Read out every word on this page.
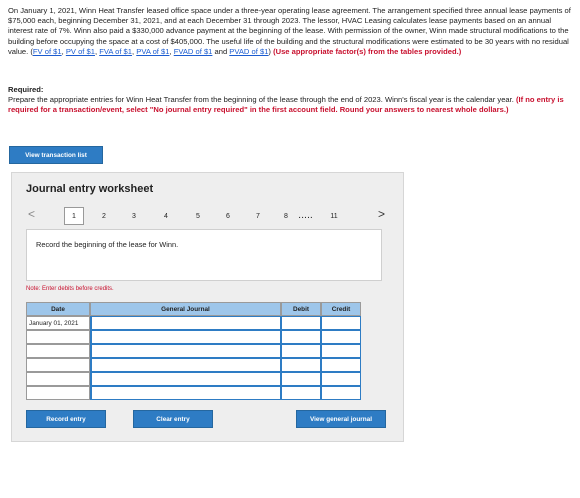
On January 1, 2021, Winn Heat Transfer leased office space under a three-year operating lease agreement. The arrangement specified three annual lease payments of $75,000 each, beginning December 31, 2021, and at each December 31 through 2023. The lessor, HVAC Leasing calculates lease payments based on an annual interest rate of 7%. Winn also paid a $330,000 advance payment at the beginning of the lease. With permission of the owner, Winn made structural modifications to the building before occupying the space at a cost of $405,000. The useful life of the building and the structural modifications were estimated to be 30 years with no residual value. (FV of $1, PV of $1, FVA of $1, PVA of $1, FVAD of $1 and PVAD of $1) (Use appropriate factor(s) from the tables provided.)
Required:
Prepare the appropriate entries for Winn Heat Transfer from the beginning of the lease through the end of 2023. Winn's fiscal year is the calendar year. (If no entry is required for a transaction/event, select "No journal entry required" in the first account field. Round your answers to nearest whole dollars.)
View transaction list
Journal entry worksheet
<	1	2	3	4	5	6	7	8	.....	11	>
Record the beginning of the lease for Winn.
Note: Enter debits before credits.
Date	General Journal	Debit	Credit
January 01, 2021
Record entry	Clear entry	View general journal
